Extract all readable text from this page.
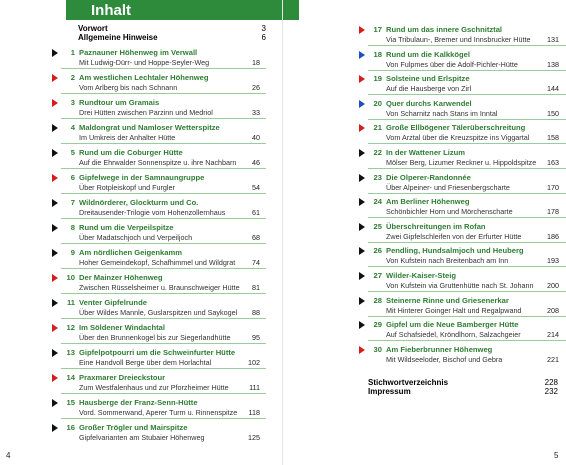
Inhalt
Vorwort	3
Allgemeine Hinweise	6
1 Paznauner Höhenweg im Verwall
Mit Ludwig-Dürr- und Hoppe-Seyler-Weg	18
2 Am westlichen Lechtaler Höhenweg
Vom Arlberg bis nach Schnann	26
3 Rundtour um Gramais
Drei Hütten zwischen Parzinn und Medriol	33
4 Maldongrat und Namloser Wetterspitze
Im Umkreis der Anhalter Hütte	40
5 Rund um die Coburger Hütte
Auf die Ehrwalder Sonnenspitze u. ihre Nachbarn	46
6 Gipfelwege in der Samnaungruppe
Über Rotpleiskopf und Furgler	54
7 Wildnörderer, Glockturm und Co.
Dreitausender-Trilogie vom Hohenzollernhaus	61
8 Rund um die Verpeilspitze
Über Madatschjoch und Verpeiljoch	68
9 Am nördlichen Geigenkamm
Hoher Gemeindekopf, Schafhimmel und Wildgrat	74
10 Der Mainzer Höhenweg
Zwischen Rüsselsheimer u. Braunschweiger Hütte	81
11 Venter Gipfelrunde
Über Wildes Mannle, Guslarspitzen und Saykogel	88
12 Im Söldener Windachtal
Über den Brunnenkogel bis zur Siegerlandhütte	95
13 Gipfelpotpourri um die Schweinfurter Hütte
Eine Handvoll Berge über dem Horlachtal	102
14 Praxmarer Dreieckstour
Zum Westfalenhaus und zur Pforzheimer Hütte	111
15 Hausberge der Franz-Senn-Hütte
Vord. Sommerwand, Aperer Turm u. Rinnenspitze	118
16 Großer Trögler und Mairspitze
Gipfelvarianten am Stubaier Höhenweg	125
4
17 Rund um das innere Gschnitztal
Via Tribulaun-, Bremer und Innsbrucker Hütte	131
18 Rund um die Kalkkögel
Von Fulpmes über die Adolf-Pichler-Hütte	138
19 Solsteine und Erlspitze
Auf die Hausberge von Zirl	144
20 Quer durchs Karwendel
Von Scharnitz nach Stans im Inntal	150
21 Große Ellbögener Tälerüberschreitung
Vom Arztal über die Kreuzspitze ins Viggartal	158
22 In der Wattener Lizum
Mölser Berg, Lizumer Reckner u. Hippoldspitze	163
23 Die Olperer-Randonnée
Über Alpeiner- und Friesenbergscharte	170
24 Am Berliner Höhenweg
Schönbichler Horn und Mörchenscharte	178
25 Überschreitungen im Rofan
Zwei Gipfelschleifen von der Erfurter Hütte	186
26 Pendling, Hundsalmjoch und Heuberg
Von Kufstein nach Breitenbach am Inn	193
27 Wilder-Kaiser-Steig
Von Kufstein via Gruttenhütte nach St. Johann	200
28 Steinerne Rinne und Griesenerkar
Mit Hinterer Goinger Halt und Regalpwand	208
29 Gipfel um die Neue Bamberger Hütte
Auf Schafsiedel, Kröndlhorn, Salzachgeier	214
30 Am Fieberbrunner Höhenweg
Mit Wildseeloder, Bischof und Gebra	221
Stichwortverzeichnis	228
Impressum	232
5
